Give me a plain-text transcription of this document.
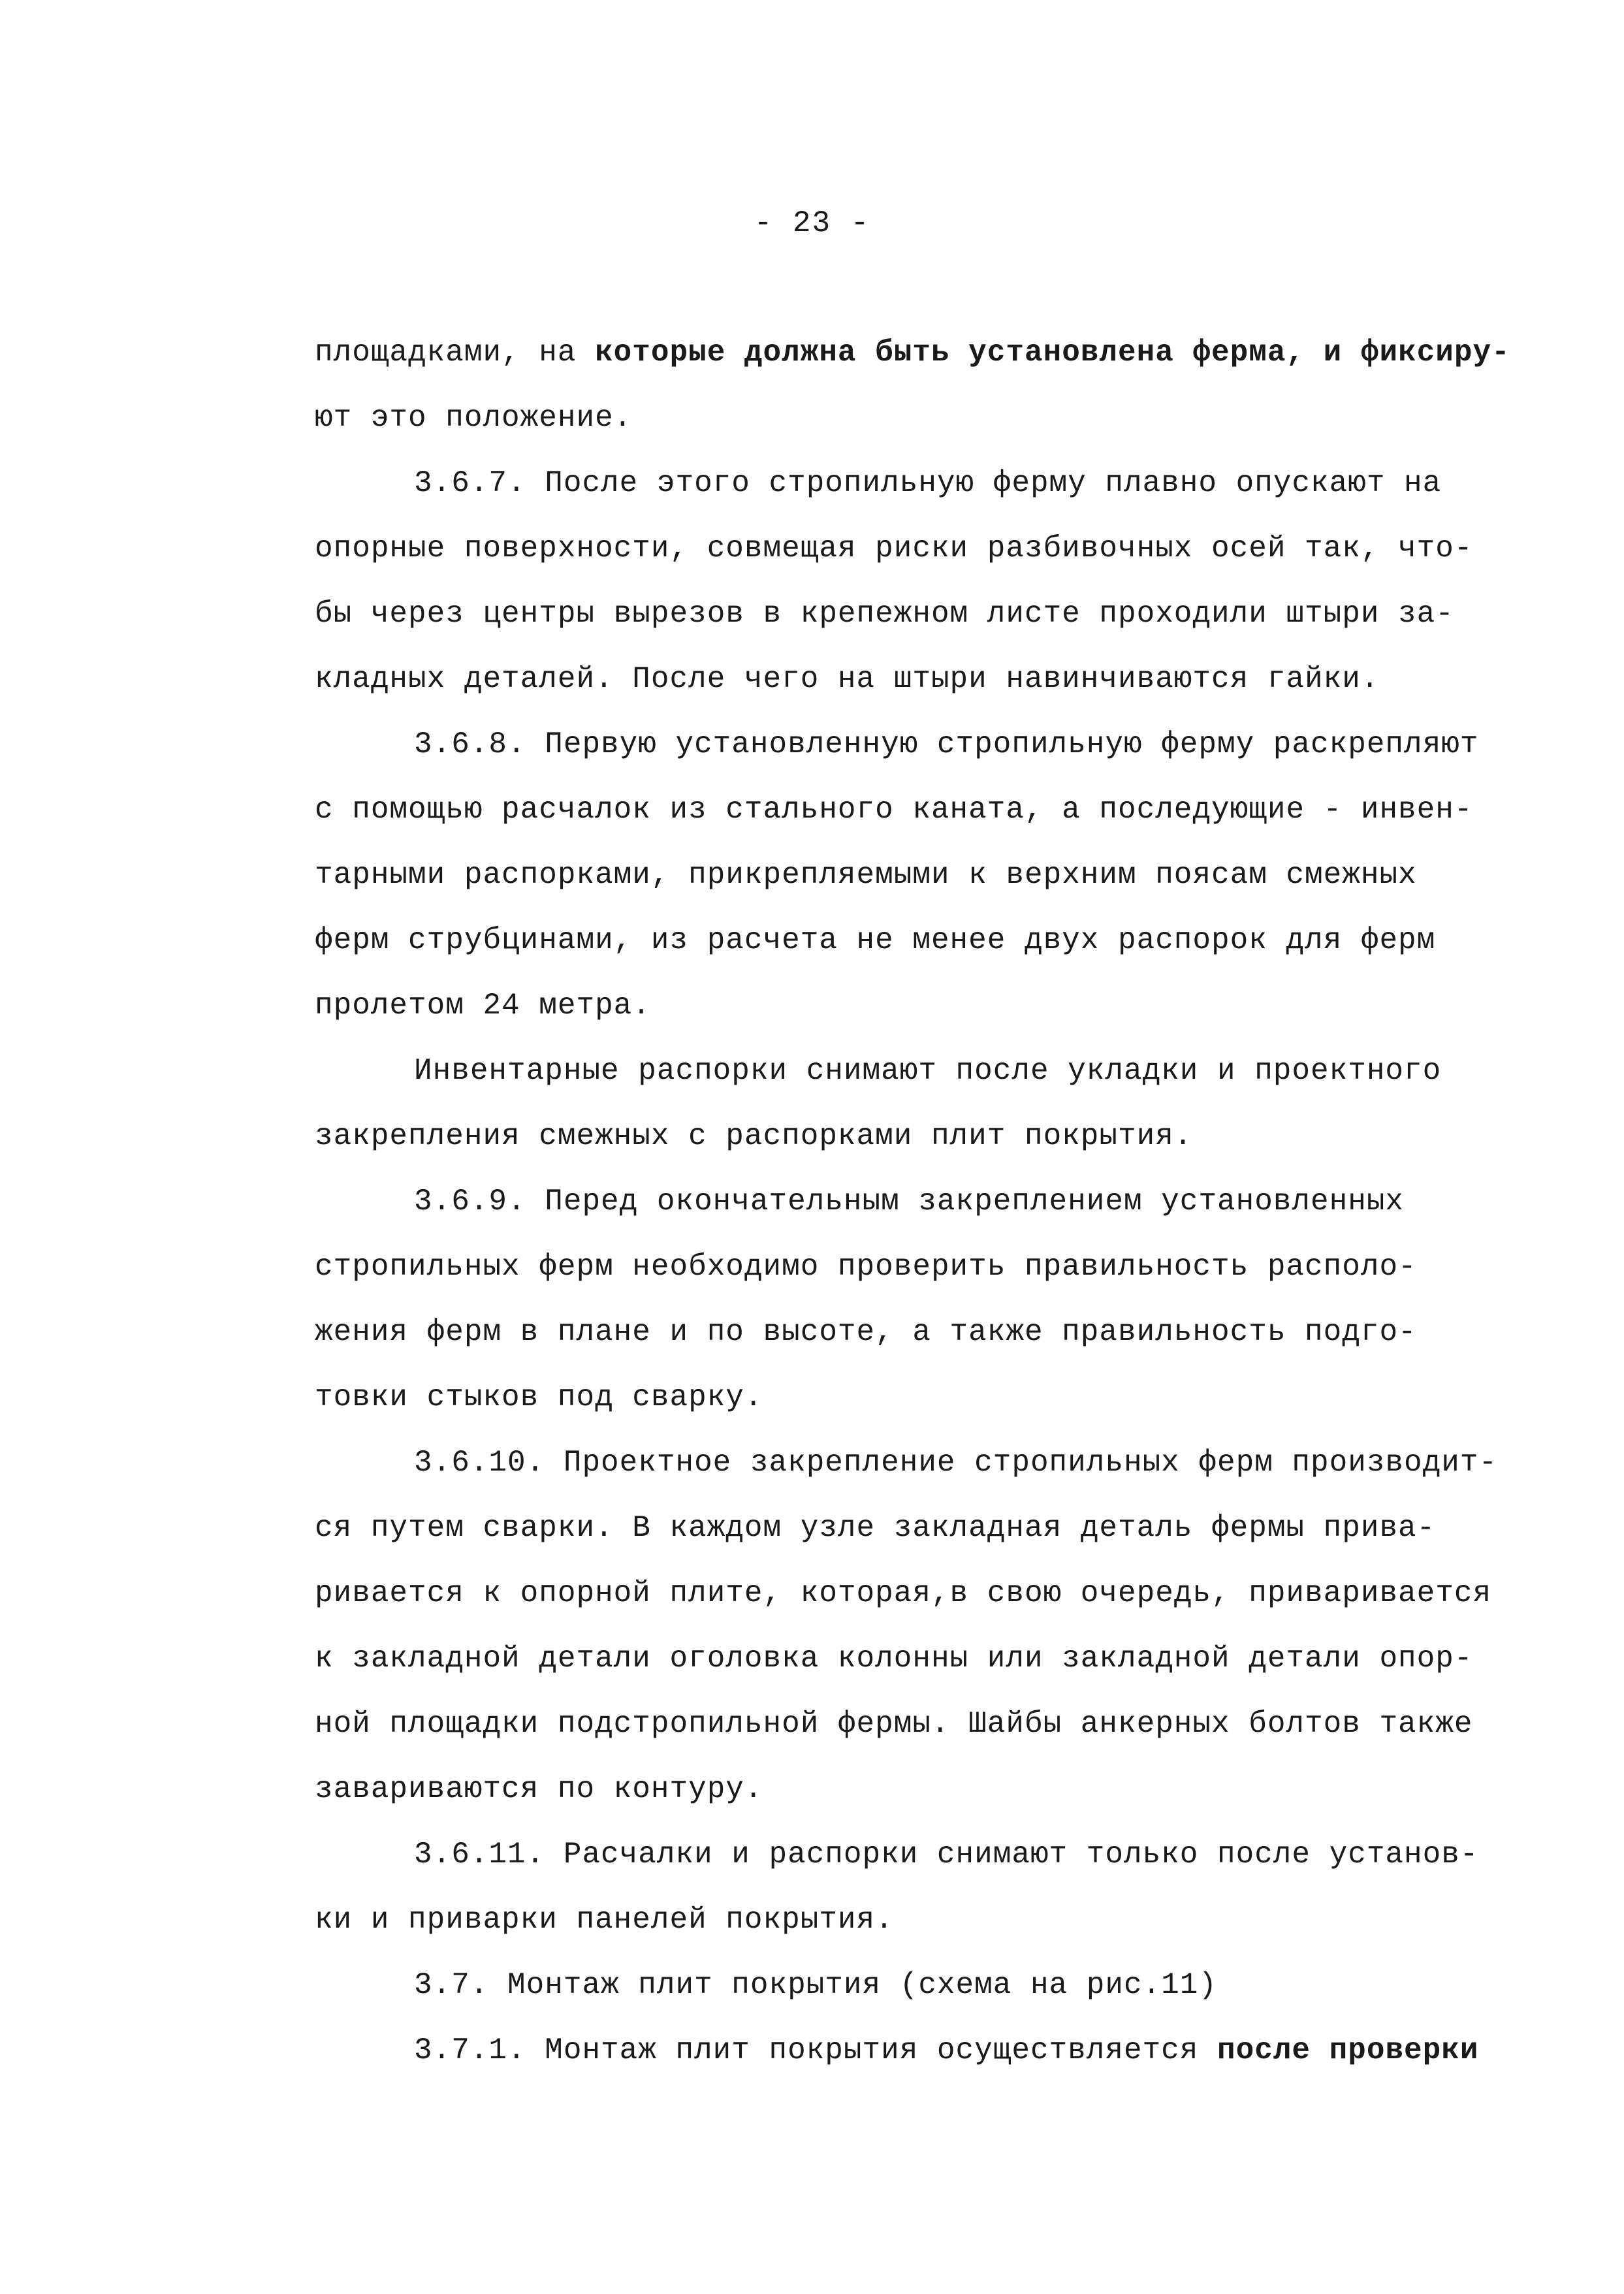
- 23 -
площадками, на которые должна быть установлена ферма, и фиксиру-
ют это положение.
3.6.7. После этого стропильную ферму плавно опускают на
опорные поверхности, совмещая риски разбивочных осей так, что-
бы через центры вырезов в крепежном листе проходили штыри за-
кладных деталей. После чего на штыри навинчиваются гайки.
3.6.8. Первую установленную стропильную ферму раскрепляют
с помощью расчалок из стального каната, а последующие - инвен-
тарными распорками, прикрепляемыми к верхним поясам смежных
ферм струбцинами, из расчета не менее двух распорок для ферм
пролетом 24 метра.
Инвентарные распорки снимают после укладки и проектного
закрепления смежных с распорками плит покрытия.
3.6.9. Перед окончательным закреплением установленных
стропильных ферм необходимо проверить правильность располо-
жения ферм в плане и по высоте, а также правильность подго-
товки стыков под сварку.
3.6.10. Проектное закрепление стропильных ферм производит-
ся путем сварки. В каждом узле закладная деталь фермы прива-
ривается к опорной плите, которая,в свою очередь, приваривается
к закладной детали оголовка колонны или закладной детали опор-
ной площадки подстропильной фермы. Шайбы анкерных болтов также
завариваются по контуру.
3.6.11. Расчалки и распорки снимают только после установ-
ки и приварки панелей покрытия.
3.7. Монтаж плит покрытия (схема на рис.11)
3.7.1. Монтаж плит покрытия осуществляется после проверки
